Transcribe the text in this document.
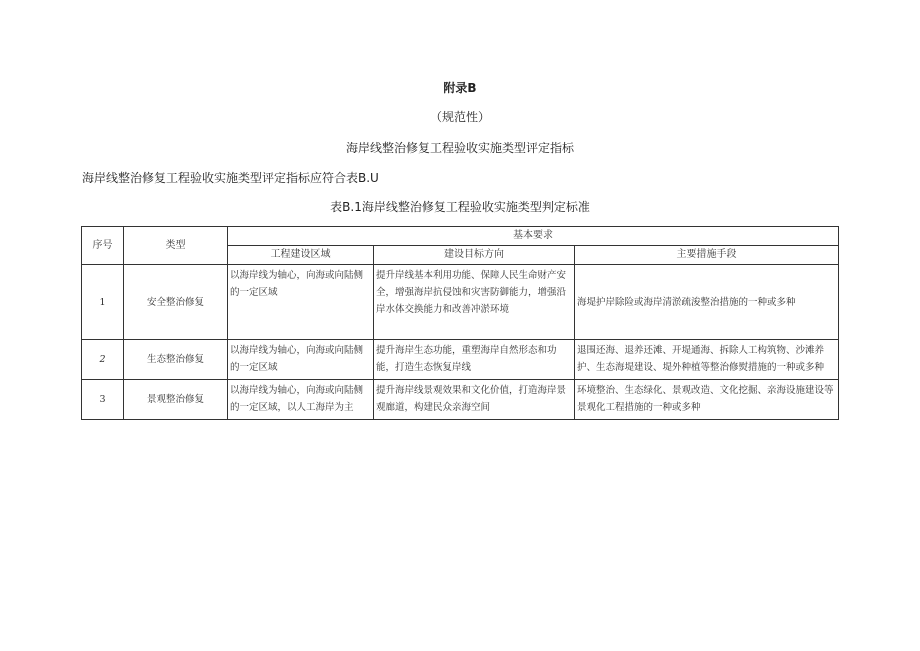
附录B
（规范性）
海岸线整治修复工程验收实施类型评定指标
海岸线整治修复工程验收实施类型评定指标应符合表B.U
表B.1海岸线整治修复工程验收实施类型判定标准
序号	类型	基本要求		
		工程建设区域	建设目标方向	主要措施手段
1	安全整治修复	以海岸线为轴心，向海或向陆侧的一定区域	提升岸线基本利用功能、保障人民生命财产安全，增强海岸抗侵蚀和灾害防御能力，增强沿岸水体交换能力和改善冲淤环境	海堤护岸除险或海岸清淤疏浚整治措施的一种或多种
2	生态整治修复	以海岸线为轴心，向海或向陆侧的一定区域	提升海岸生态功能，重塑海岸自然形态和功能，打造生态恢复岸线	退围还海、退养还滩、开堤通海、拆除人工构筑物、沙滩养护、生态海堤建设、堤外种植等整治修熨措施的一种或多种
3	景观整治修复	以海岸线为轴心，向海或向陆侧的一定区域，以人工海岸为主	提升海岸线景观效果和文化价值，打造海岸景观廊道，构建民众亲海空间	环境整治、生态绿化、景观改造、文化挖掘、亲海设施建设等景观化工程措施的一种或多种
